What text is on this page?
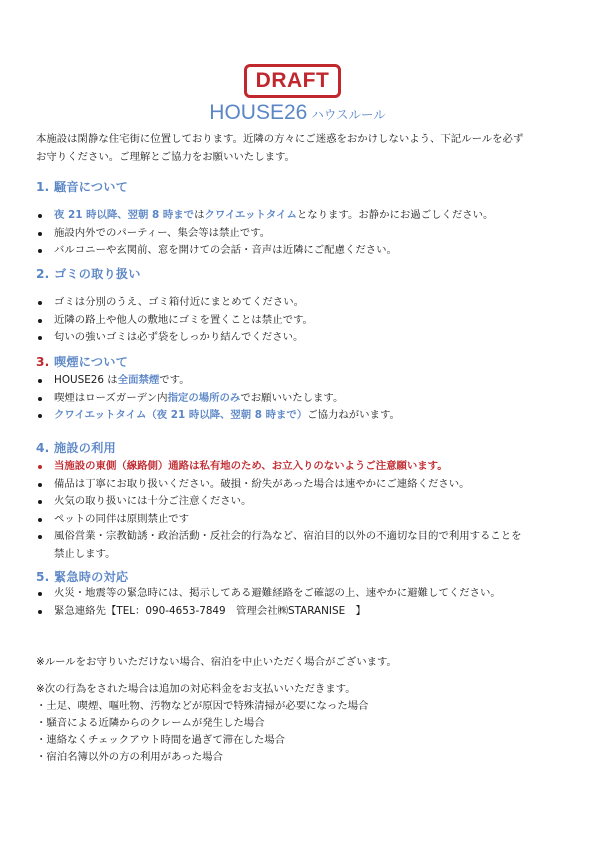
DRAFT
HOUSE26 ハウスルール
本施設は閑静な住宅街に位置しております。近隣の方々にご迷惑をおかけしないよう、下記ルールを必ず
お守りください。ご理解とご協力をお願いいたします。
1. 騒音について
夜 21 時以降、翌朝 8 時まではクワイエットタイムとなります。お静かにお過ごしください。
施設内外でのパーティー、集会等は禁止です。
バルコニーや玄関前、窓を開けての会話・音声は近隣にご配慮ください。
2. ゴミの取り扱い
ゴミは分別のうえ、ゴミ箱付近にまとめてください。
近隣の路上や他人の敷地にゴミを置くことは禁止です。
匂いの強いゴミは必ず袋をしっかり結んでください。
3. 喫煙について
HOUSE26 は全面禁煙です。
喫煙はローズガーデン内指定の場所のみでお願いいたします。
クワイエットタイム（夜 21 時以降、翌朝 8 時まで）ご協力ねがいます。
4. 施設の利用
当施設の東側（線路側）通路は私有地のため、お立入りのないようご注意願います。
備品は丁寧にお取り扱いください。破損・紛失があった場合は速やかにご連絡ください。
火気の取り扱いには十分ご注意ください。
ペットの同伴は原則禁止です
風俗営業・宗教勧誘・政治活動・反社会的行為など、宿泊目的以外の不適切な目的で利用することを
禁止します。
5. 緊急時の対応
火災・地震等の緊急時には、掲示してある避難経路をご確認の上、速やかに避難してください。
緊急連絡先【TEL：090-4653-7849　管理会社㈱STARANISE　】
※ルールをお守りいただけない場合、宿泊を中止いただく場合がございます。
※次の行為をされた場合は追加の対応料金をお支払いいただきます。
・土足、喫煙、嘔吐物、汚物などが原因で特殊清掃が必要になった場合
・騒音による近隣からのクレームが発生した場合
・連絡なくチェックアウト時間を過ぎて滞在した場合
・宿泊名簿以外の方の利用があった場合
